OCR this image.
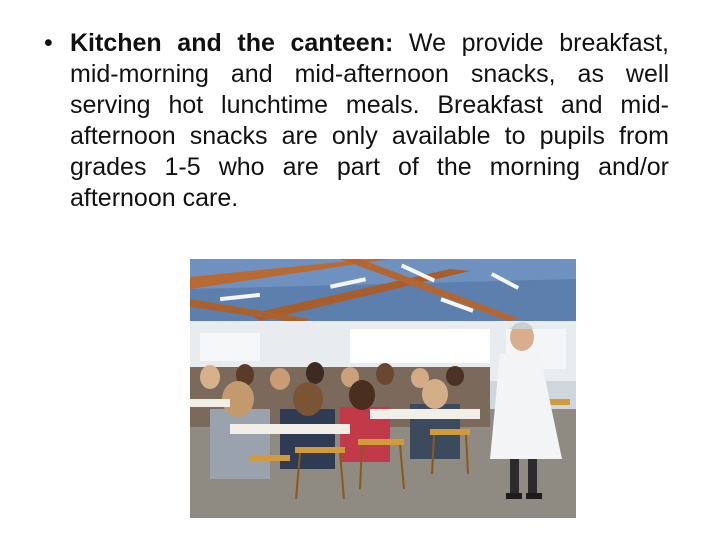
• Kitchen and the canteen: We provide breakfast, mid-morning and mid-afternoon snacks, as well serving hot lunchtime meals. Breakfast and mid-afternoon snacks are only available to pupils from grades 1-5 who are part of the morning and/or afternoon care.
